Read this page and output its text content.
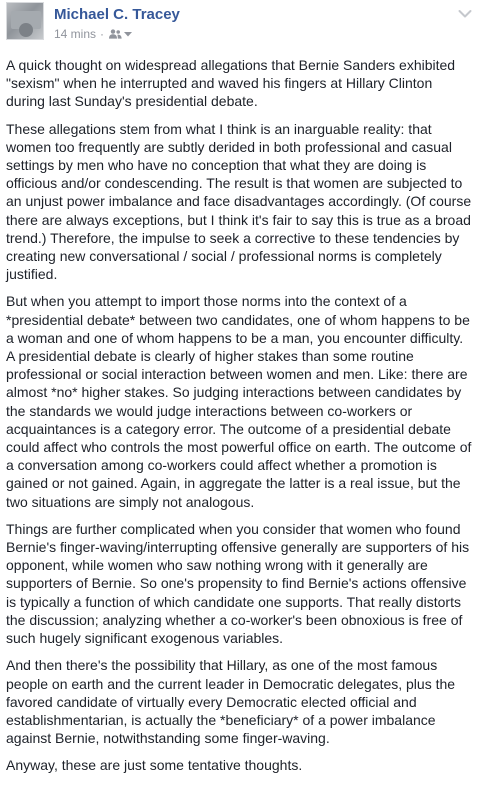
Michael C. Tracey
14 mins ·

A quick thought on widespread allegations that Bernie Sanders exhibited "sexism" when he interrupted and waved his fingers at Hillary Clinton during last Sunday's presidential debate.

These allegations stem from what I think is an inarguable reality: that women too frequently are subtly derided in both professional and casual settings by men who have no conception that what they are doing is officious and/or condescending. The result is that women are subjected to an unjust power imbalance and face disadvantages accordingly. (Of course there are always exceptions, but I think it's fair to say this is true as a broad trend.) Therefore, the impulse to seek a corrective to these tendencies by creating new conversational / social / professional norms is completely justified.

But when you attempt to import those norms into the context of a *presidential debate* between two candidates, one of whom happens to be a woman and one of whom happens to be a man, you encounter difficulty. A presidential debate is clearly of higher stakes than some routine professional or social interaction between women and men. Like: there are almost *no* higher stakes. So judging interactions between candidates by the standards we would judge interactions between co-workers or acquaintances is a category error. The outcome of a presidential debate could affect who controls the most powerful office on earth. The outcome of a conversation among co-workers could affect whether a promotion is gained or not gained. Again, in aggregate the latter is a real issue, but the two situations are simply not analogous.

Things are further complicated when you consider that women who found Bernie's finger-waving/interrupting offensive generally are supporters of his opponent, while women who saw nothing wrong with it generally are supporters of Bernie. So one's propensity to find Bernie's actions offensive is typically a function of which candidate one supports. That really distorts the discussion; analyzing whether a co-worker's been obnoxious is free of such hugely significant exogenous variables.

And then there's the possibility that Hillary, as one of the most famous people on earth and the current leader in Democratic delegates, plus the favored candidate of virtually every Democratic elected official and establishmentarian, is actually the *beneficiary* of a power imbalance against Bernie, notwithstanding some finger-waving.

Anyway, these are just some tentative thoughts.
